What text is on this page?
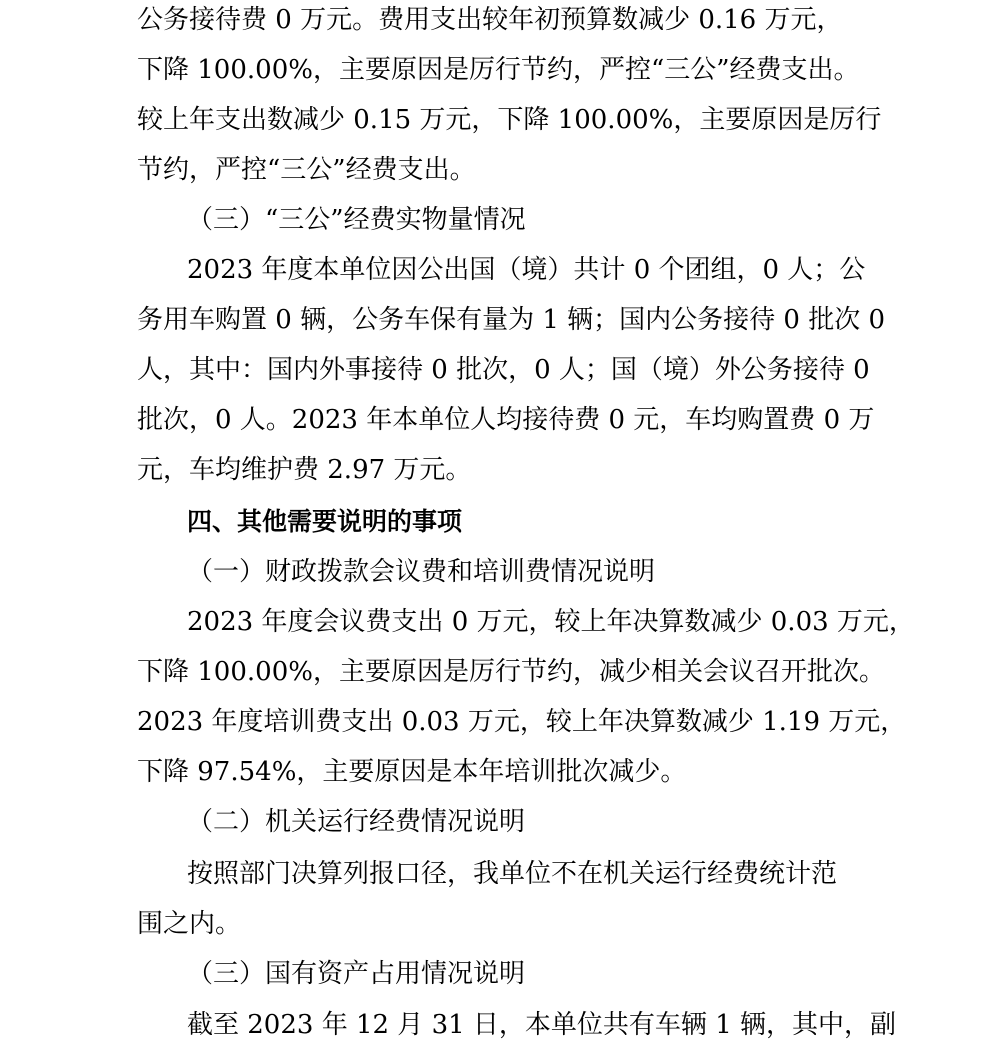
公务接待费 0 万元。费用支出较年初预算数减少 0.16 万元，
下降 100.00%，主要原因是厉行节约，严控“三公”经费支出。
较上年支出数减少 0.15 万元，下降 100.00%，主要原因是厉行
节约，严控“三公”经费支出。
（三）“三公”经费实物量情况
2023 年度本单位因公出国（境）共计 0 个团组，0 人；公
务用车购置 0 辆，公务车保有量为 1 辆；国内公务接待 0 批次 0
人，其中：国内外事接待 0 批次，0 人；国（境）外公务接待 0
批次，0 人。2023 年本单位人均接待费 0 元，车均购置费 0 万
元，车均维护费 2.97 万元。
四、其他需要说明的事项
（一）财政拨款会议费和培训费情况说明
2023 年度会议费支出 0 万元，较上年决算数减少 0.03 万元，
下降 100.00%，主要原因是厉行节约，减少相关会议召开批次。
2023 年度培训费支出 0.03 万元，较上年决算数减少 1.19 万元，
下降 97.54%，主要原因是本年培训批次减少。
（二）机关运行经费情况说明
按照部门决算列报口径，我单位不在机关运行经费统计范
围之内。
（三）国有资产占用情况说明
截至 2023 年 12 月 31 日，本单位共有车辆 1 辆，其中，副
